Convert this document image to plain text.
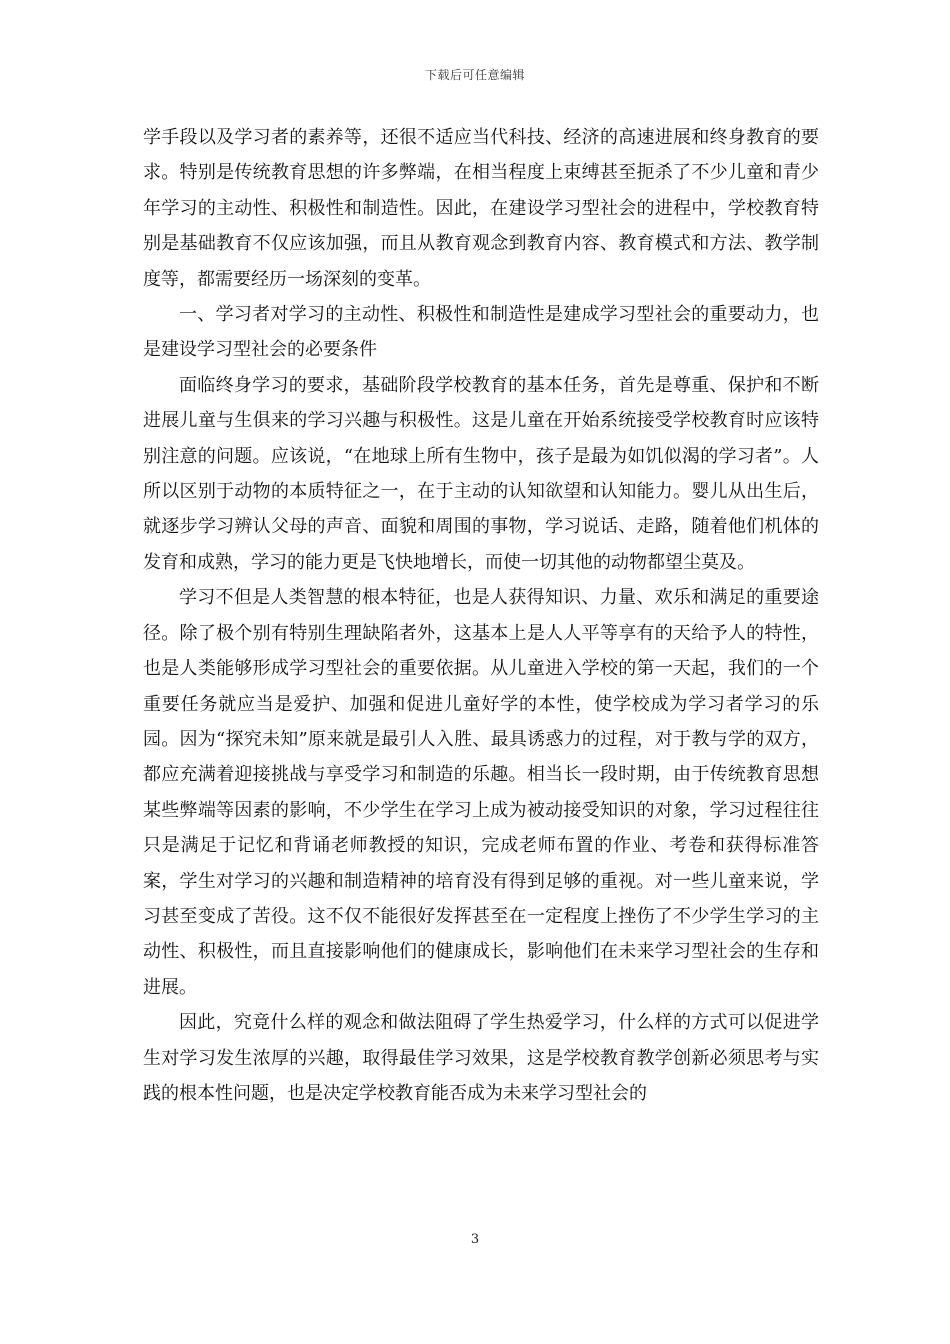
下载后可任意编辑

学手段以及学习者的素养等，还很不适应当代科技、经济的高速进展和终身教育的要求。特别是传统教育思想的许多弊端，在相当程度上束缚甚至扼杀了不少儿童和青少年学习的主动性、积极性和制造性。因此，在建设学习型社会的进程中，学校教育特别是基础教育不仅应该加强，而且从教育观念到教育内容、教育模式和方法、教学制度等，都需要经历一场深刻的变革。

一、学习者对学习的主动性、积极性和制造性是建成学习型社会的重要动力，也是建设学习型社会的必要条件

面临终身学习的要求，基础阶段学校教育的基本任务，首先是尊重、保护和不断进展儿童与生俱来的学习兴趣与积极性。这是儿童在开始系统接受学校教育时应该特别注意的问题。应该说，“在地球上所有生物中，孩子是最为如饥似渴的学习者”。人所以区别于动物的本质特征之一，在于主动的认知欲望和认知能力。婴儿从出生后，就逐步学习辨认父母的声音、面貌和周围的事物，学习说话、走路，随着他们机体的发育和成熟，学习的能力更是飞快地增长，而使一切其他的动物都望尘莫及。

学习不但是人类智慧的根本特征，也是人获得知识、力量、欢乐和满足的重要途径。除了极个别有特别生理缺陷者外，这基本上是人人平等享有的天给予人的特性，也是人类能够形成学习型社会的重要依据。从儿童进入学校的第一天起，我们的一个重要任务就应当是爱护、加强和促进儿童好学的本性，使学校成为学习者学习的乐园。因为“探究未知”原来就是最引人入胜、最具诱惑力的过程，对于教与学的双方，都应充满着迎接挑战与享受学习和制造的乐趣。相当长一段时期，由于传统教育思想某些弊端等因素的影响，不少学生在学习上成为被动接受知识的对象，学习过程往往只是满足于记忆和背诵老师教授的知识，完成老师布置的作业、考卷和获得标准答案，学生对学习的兴趣和制造精神的培育没有得到足够的重视。对一些儿童来说，学习甚至变成了苦役。这不仅不能很好发挥甚至在一定程度上挫伤了不少学生学习的主动性、积极性，而且直接影响他们的健康成长，影响他们在未来学习型社会的生存和进展。

因此，究竟什么样的观念和做法阻碍了学生热爱学习，什么样的方式可以促进学生对学习发生浓厚的兴趣，取得最佳学习效果，这是学校教育教学创新必须思考与实践的根本性问题，也是决定学校教育能否成为未来学习型社会的

3
